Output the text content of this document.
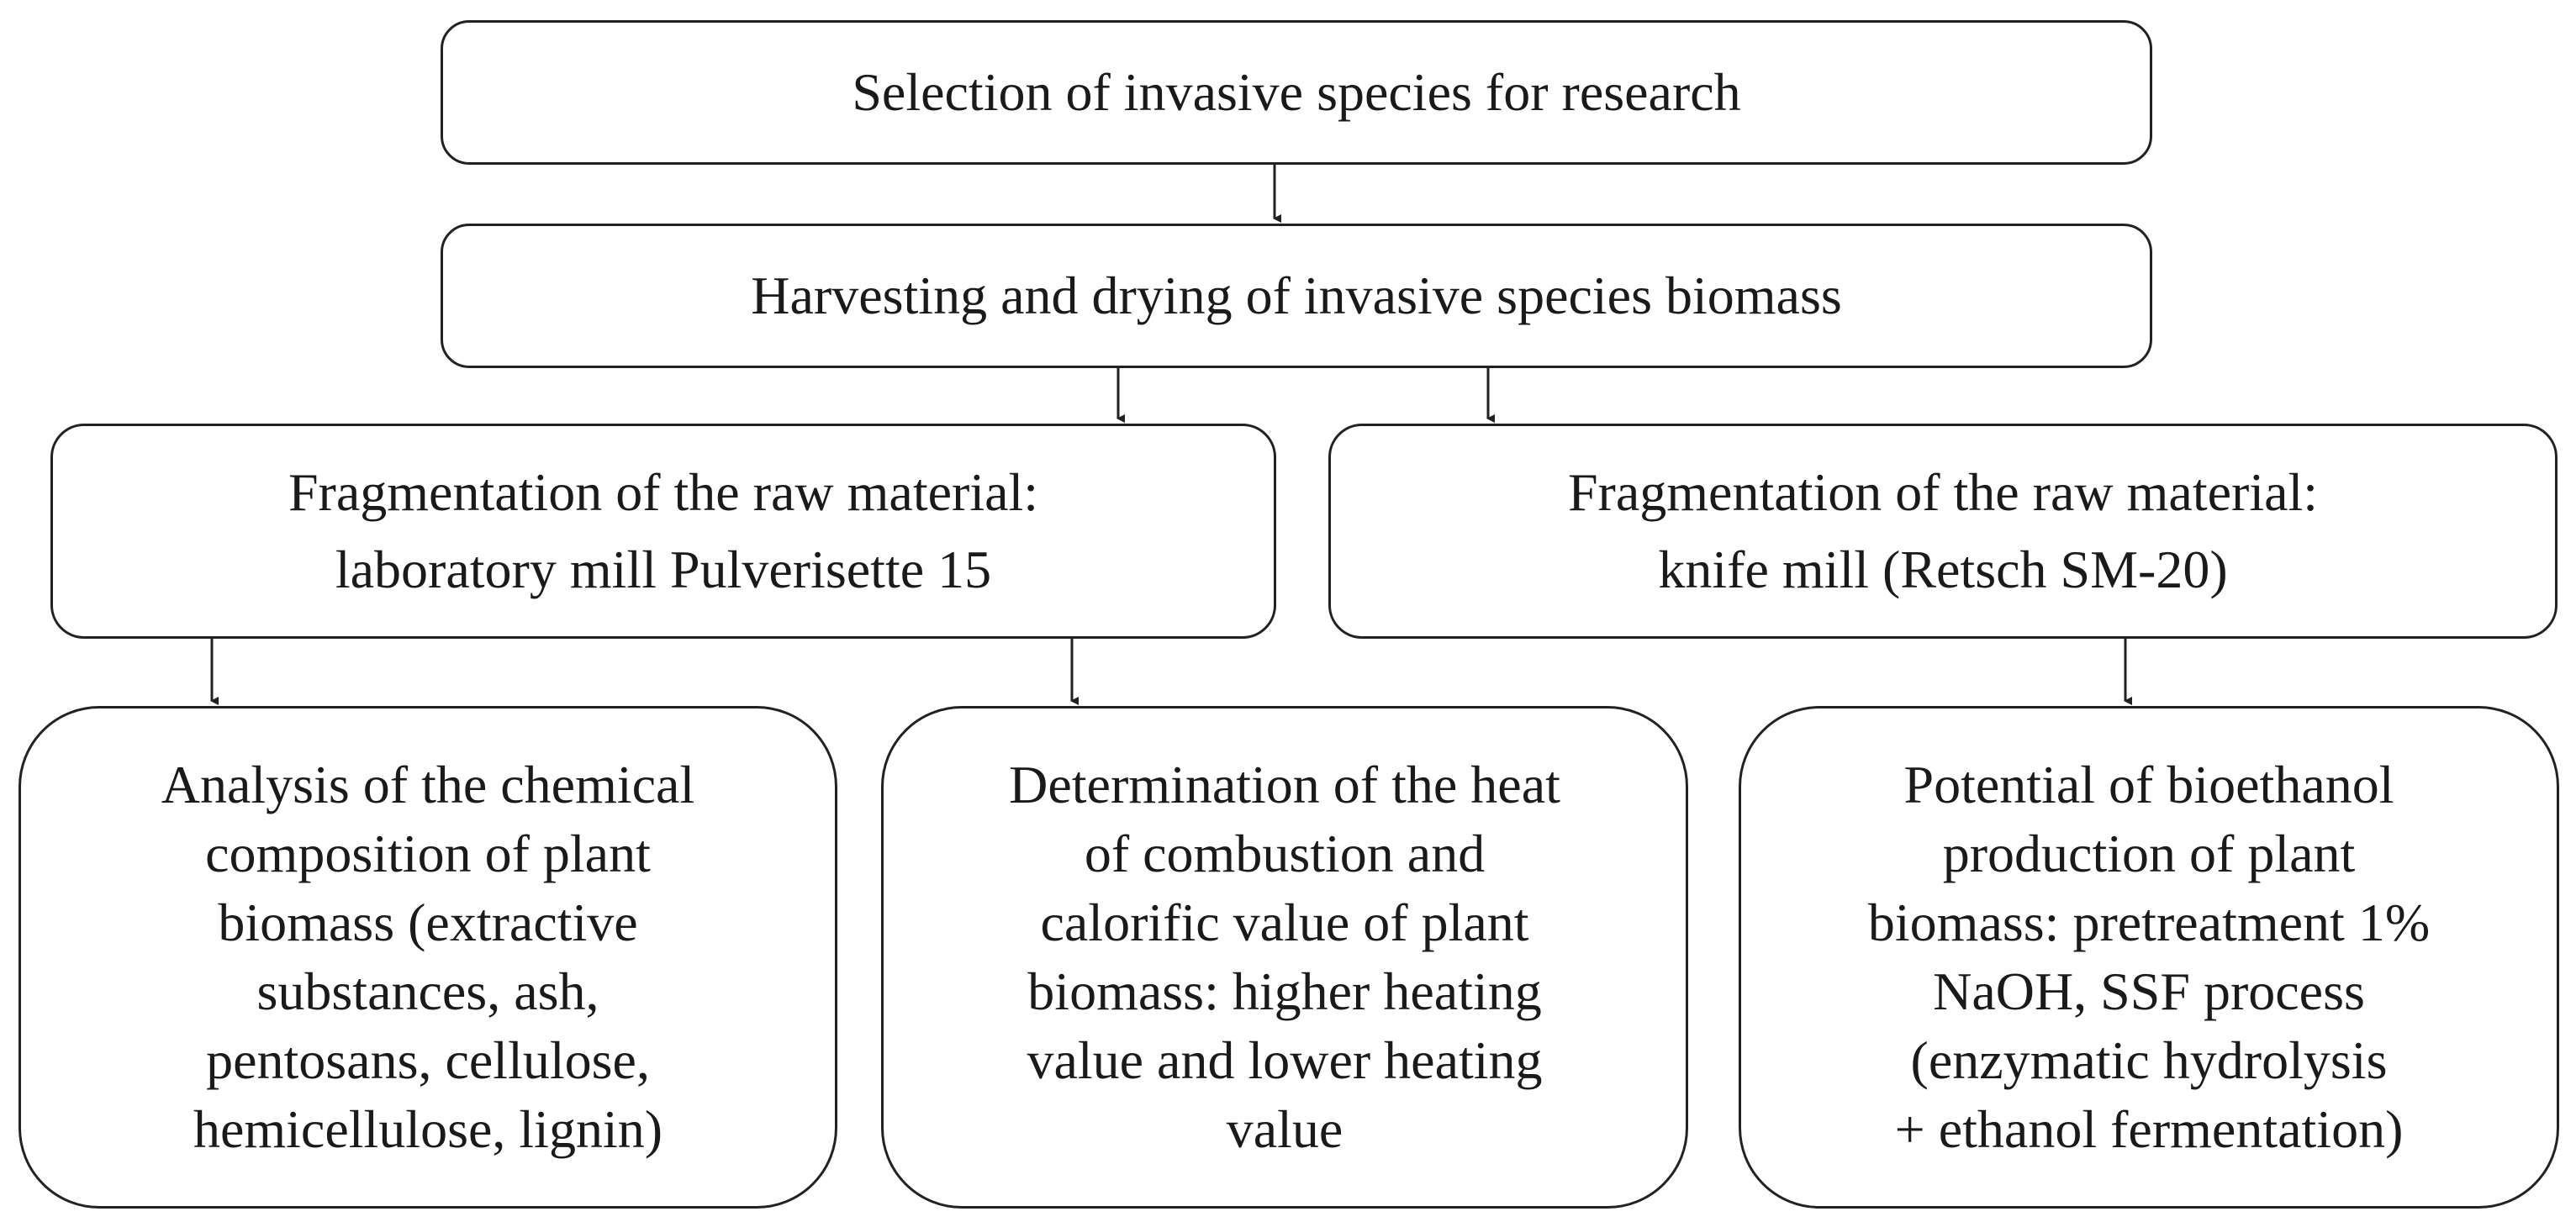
Selection of invasive species for research
Harvesting and drying of invasive species biomass
Fragmentation of the raw material:
laboratory mill Pulverisette 15
Fragmentation of the raw material:
knife mill (Retsch SM-20)
Analysis of the chemical
composition of plant
biomass (extractive
substances, ash,
pentosans, cellulose,
hemicellulose, lignin)
Determination of the heat
of combustion and
calorific value of plant
biomass: higher heating
value and lower heating
value
Potential of bioethanol
production of plant
biomass: pretreatment 1%
NaOH, SSF process
(enzymatic hydrolysis
+ ethanol fermentation)
